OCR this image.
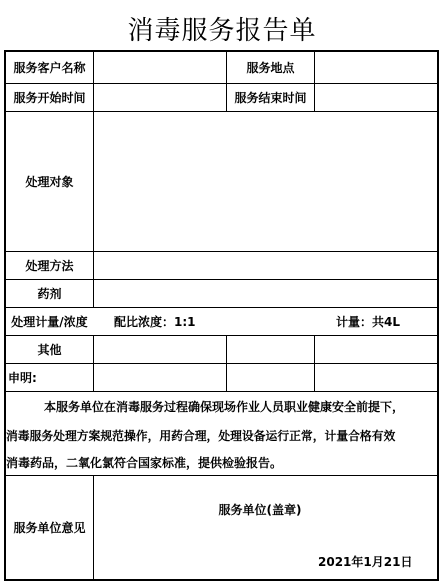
消毒服务报告单
服务客户名称	服务地点
服务开始时间	服务结束时间
处理对象
处理方法
药剂
处理计量/浓度	配比浓度：1:1	计量：共4L
其他
申明:
本服务单位在消毒服务过程确保现场作业人员职业健康安全前提下，
消毒服务处理方案规范操作，用药合理，处理设备运行正常，计量合格有效
消毒药品，二氧化氯符合国家标准，提供检验报告。
服务单位意见
服务单位(盖章)
2021年1月21日
